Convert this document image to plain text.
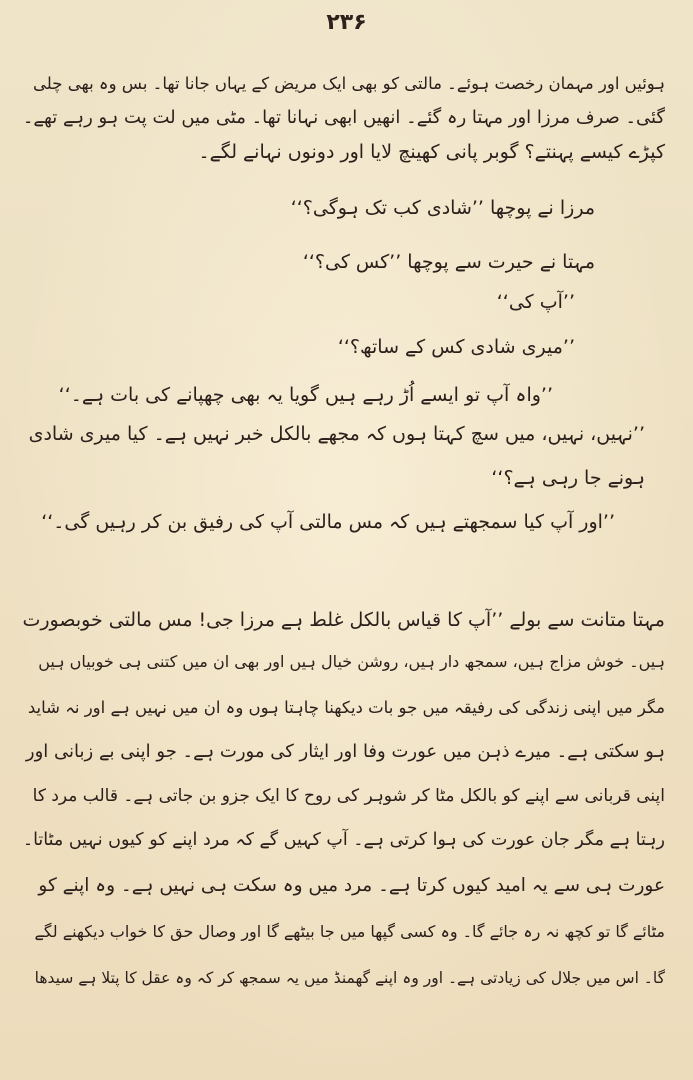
۲۳۶
ہوئیں اور مہمان رخصت ہوئے۔ مالتی کو بھی ایک مریض کے یہاں جانا تھا۔ بس وہ بھی چلی
گئی۔ صرف مرزا اور مہتا رہ گئے۔ انھیں ابھی نہانا تھا۔ مٹی میں لت پت ہو رہے تھے۔
کپڑے کیسے پہنتے؟ گوبر پانی کھینچ لایا اور دونوں نہانے لگے۔
مرزا نے پوچھا ’’شادی کب تک ہوگی؟‘‘
مہتا نے حیرت سے پوچھا ’’کس کی؟‘‘
’’آپ کی‘‘
’’میری شادی کس کے ساتھ؟‘‘
’’واہ آپ تو ایسے اُڑ رہے ہیں گویا یہ بھی چھپانے کی بات ہے۔‘‘
’’نہیں، نہیں، میں سچ کہتا ہوں کہ مجھے بالکل خبر نہیں ہے۔ کیا میری شادی
ہونے جا رہی ہے؟‘‘
’’اور آپ کیا سمجھتے ہیں کہ مس مالتی آپ کی رفیق بن کر رہیں گی۔‘‘
مہتا متانت سے بولے ’’آپ کا قیاس بالکل غلط ہے مرزا جی! مس مالتی خوبصورت
ہیں۔ خوش مزاج ہیں، سمجھ دار ہیں، روشن خیال ہیں اور بھی ان میں کتنی ہی خوبیاں ہیں
مگر میں اپنی زندگی کی رفیقہ میں جو بات دیکھنا چاہتا ہوں وہ ان میں نہیں ہے اور نہ شاید
ہو سکتی ہے۔ میرے ذہن میں عورت وفا اور ایثار کی مورت ہے۔ جو اپنی بے زبانی اور
اپنی قربانی سے اپنے کو بالکل مٹا کر شوہر کی روح کا ایک جزو بن جاتی ہے۔ قالب مرد کا
رہتا ہے مگر جان عورت کی ہوا کرتی ہے۔ آپ کہیں گے کہ مرد اپنے کو کیوں نہیں مٹاتا۔
عورت ہی سے یہ امید کیوں کرتا ہے۔ مرد میں وہ سکت ہی نہیں ہے۔ وہ اپنے کو
مٹائے گا تو کچھ نہ رہ جائے گا۔ وہ کسی گپھا میں جا بیٹھے گا اور وصال حق کا خواب دیکھنے لگے
گا۔ اس میں جلال کی زیادتی ہے۔ اور وہ اپنے گھمنڈ میں یہ سمجھ کر کہ وہ عقل کا پتلا ہے سیدھا
